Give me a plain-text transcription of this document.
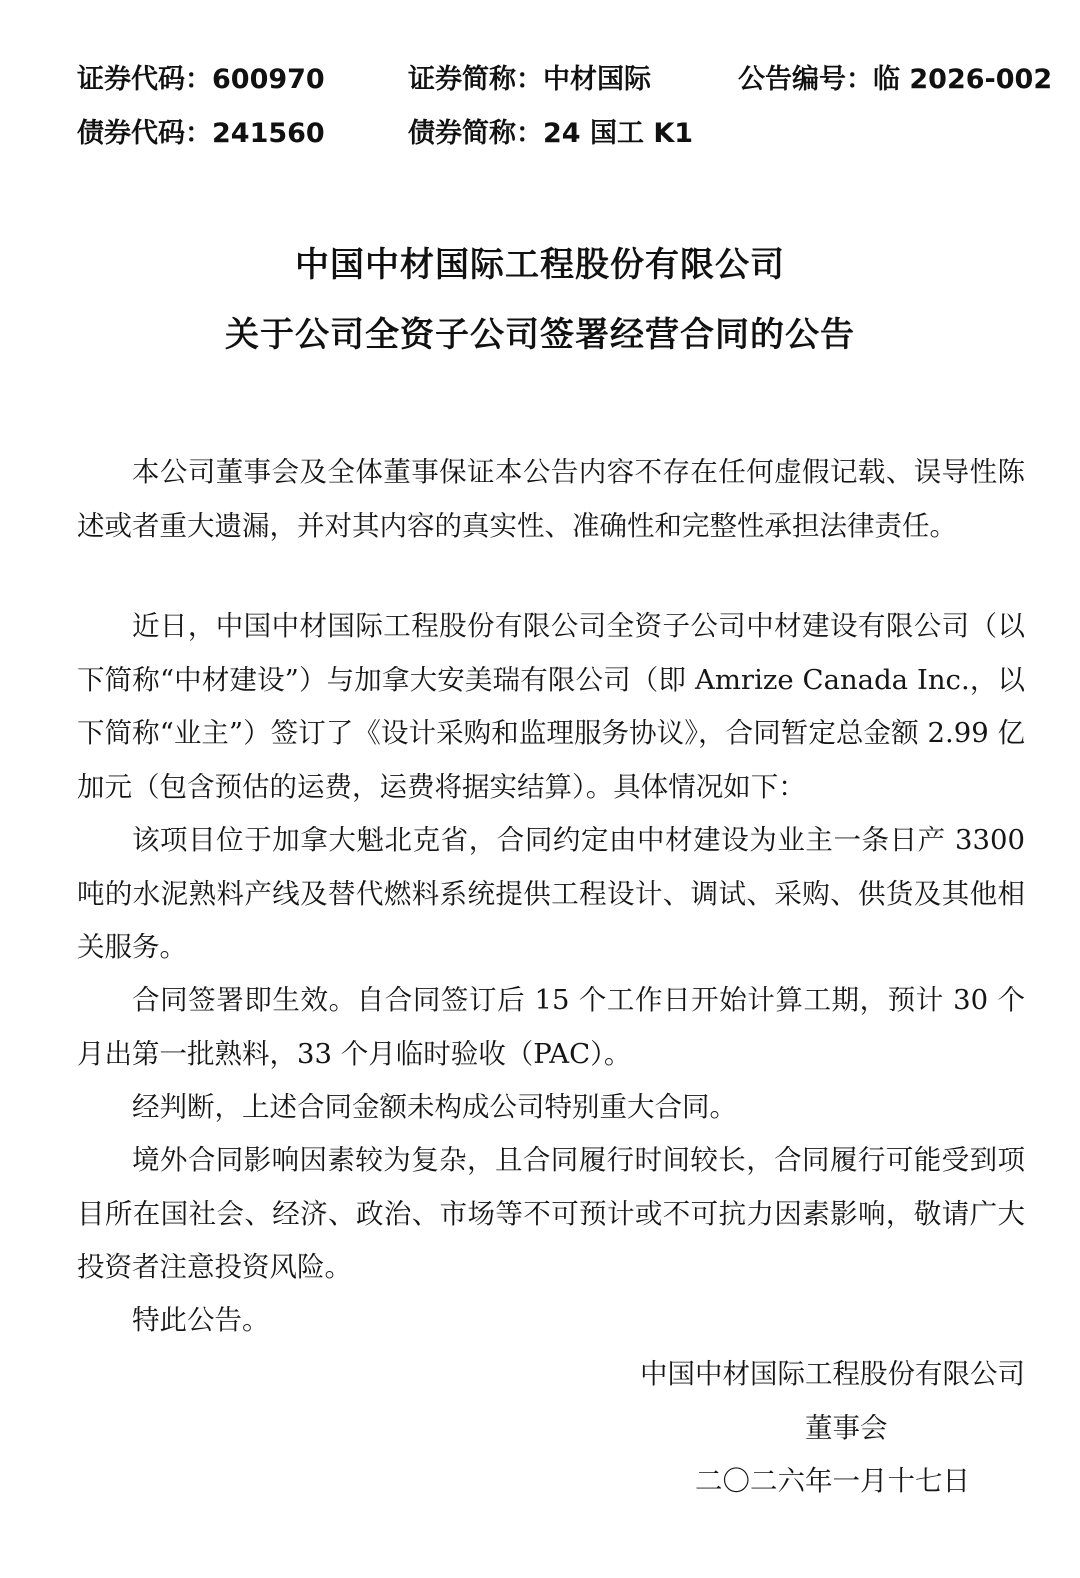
证券代码：600970	证券简称：中材国际	公告编号：临 2026-002
债券代码：241560	债券简称：24 国工 K1
中国中材国际工程股份有限公司
关于公司全资子公司签署经营合同的公告

本公司董事会及全体董事保证本公告内容不存在任何虚假记载、误导性陈述或者重大遗漏，并对其内容的真实性、准确性和完整性承担法律责任。

近日，中国中材国际工程股份有限公司全资子公司中材建设有限公司（以下简称“中材建设”）与加拿大安美瑞有限公司（即 Amrize Canada Inc.，以下简称“业主”）签订了《设计采购和监理服务协议》，合同暂定总金额 2.99 亿加元（包含预估的运费，运费将据实结算）。具体情况如下：

该项目位于加拿大魁北克省，合同约定由中材建设为业主一条日产 3300 吨的水泥熟料产线及替代燃料系统提供工程设计、调试、采购、供货及其他相关服务。

合同签署即生效。自合同签订后 15 个工作日开始计算工期，预计 30 个月出第一批熟料，33 个月临时验收（PAC）。

经判断，上述合同金额未构成公司特别重大合同。

境外合同影响因素较为复杂，且合同履行时间较长，合同履行可能受到项目所在国社会、经济、政治、市场等不可预计或不可抗力因素影响，敬请广大投资者注意投资风险。

特此公告。

中国中材国际工程股份有限公司
董事会
二〇二六年一月十七日
